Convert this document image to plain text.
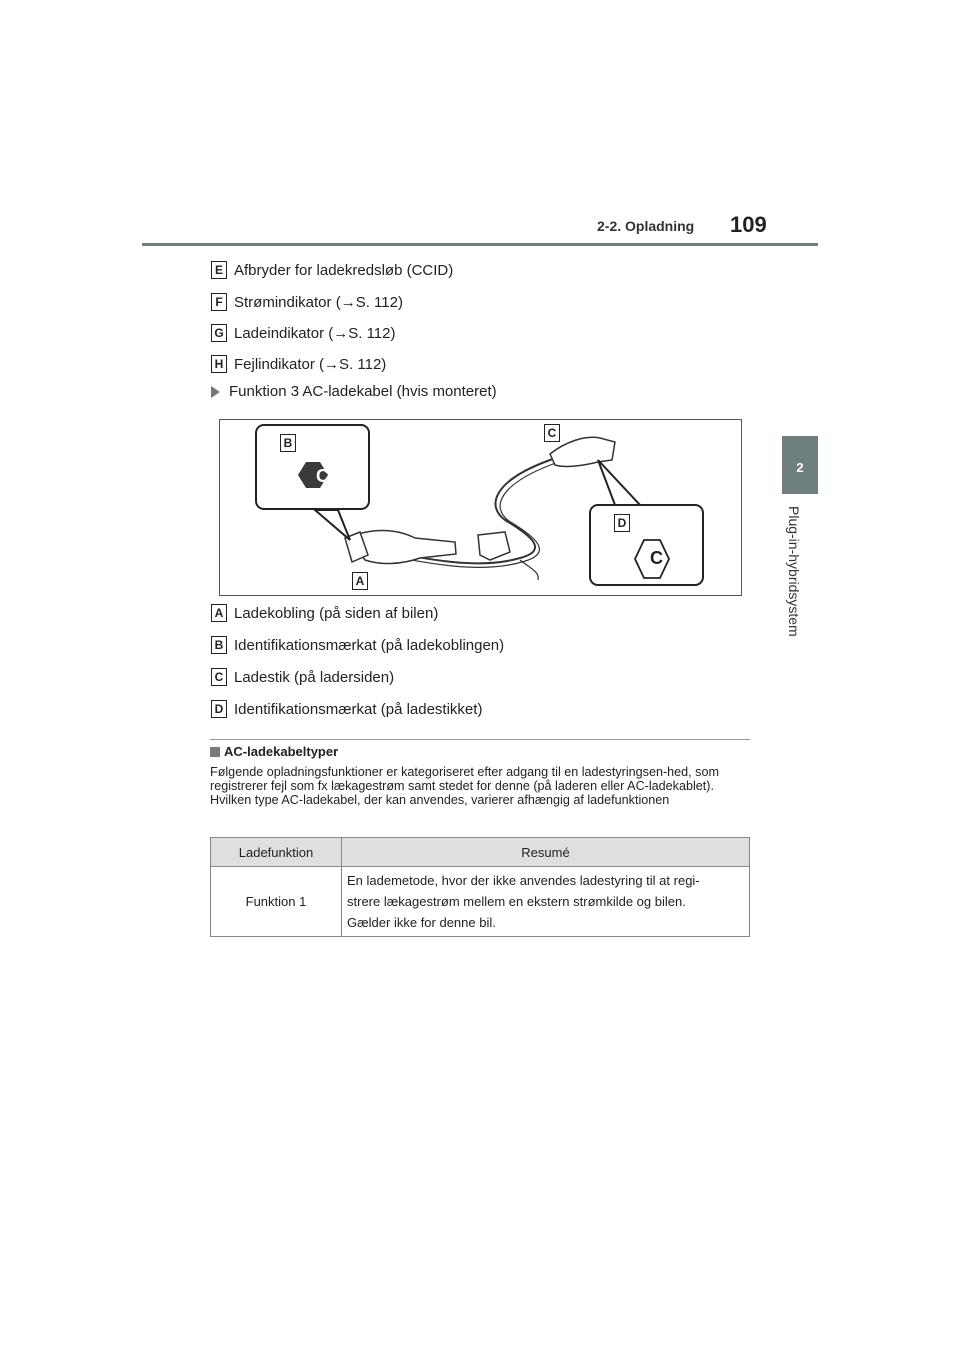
2-2. Opladning 109
2
Plug-in-hybridsystem
E Afbryder for ladekredsløb (CCID)
F Strømindikator ( → S. 112)
G Ladeindikator ( → S. 112)
H Fejlindikator ( → S. 112)
Funktion 3 AC-ladekabel (hvis monteret)
C
C
B
C
D
A
A Ladekobling (på siden af bilen)
B Identifikationsmærkat (på ladekoblingen)
C Ladestik (på ladersiden)
D Identifikationsmærkat (på ladestikket)
AC-ladekabeltyper
Følgende opladningsfunktioner er kategoriseret efter adgang til en ladestyringsen-hed, som registrerer fejl som fx lækagestrøm samt stedet for denne (på laderen eller AC-ladekablet). Hvilken type AC-ladekabel, der kan anvendes, varierer afhængig af ladefunktionen
Ladefunktion	Resumé
Funktion 1	En lademetode, hvor der ikke anvendes ladestyring til at regi-
strere lækagestrøm mellem en ekstern strømkilde og bilen.
Gælder ikke for denne bil.
